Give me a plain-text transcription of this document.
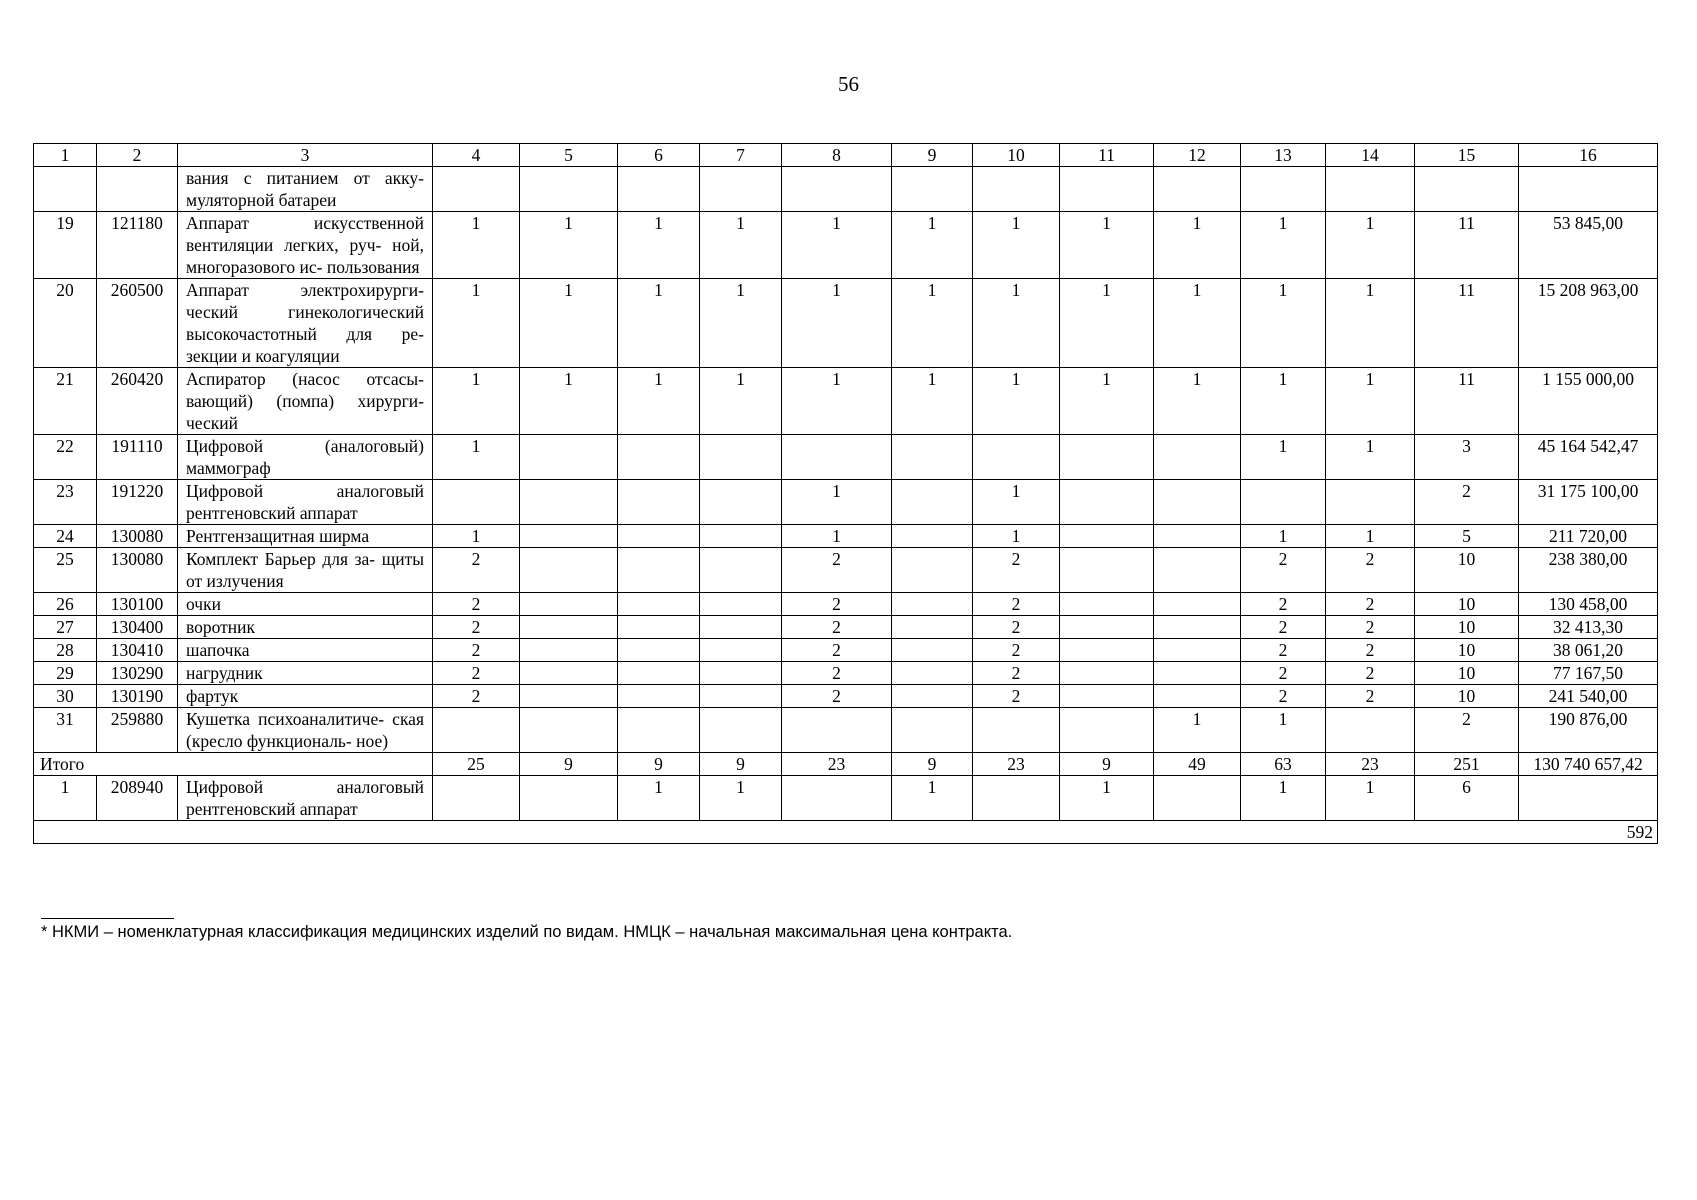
56
1	2	3	4	5	6	7	8	9	10	11	12	13	14	15	16
		вания с питанием от акку- муляторной батареи													
19	121180	Аппарат искусственной вентиляции легких, руч- ной, многоразового ис- пользования	1	1	1	1	1	1	1	1	1	1	1	11	53 845,00
20	260500	Аппарат электрохирурги- ческий гинекологический высокочастотный для ре- зекции и коагуляции	1	1	1	1	1	1	1	1	1	1	1	11	15 208 963,00
21	260420	Аспиратор (насос отсасы- вающий) (помпа) хирурги- ческий	1	1	1	1	1	1	1	1	1	1	1	11	1 155 000,00
22	191110	Цифровой (аналоговый) маммограф	1									1	1	3	45 164 542,47
23	191220	Цифровой аналоговый рентгеновский аппарат					1		1					2	31 175 100,00
24	130080	Рентгензащитная ширма	1				1		1			1	1	5	211 720,00
25	130080	Комплект Барьер для за- щиты от излучения	2				2		2			2	2	10	238 380,00
26	130100	очки	2				2		2			2	2	10	130 458,00
27	130400	воротник	2				2		2			2	2	10	32 413,30
28	130410	шапочка	2				2		2			2	2	10	38 061,20
29	130290	нагрудник	2				2		2			2	2	10	77 167,50
30	130190	фартук	2				2		2			2	2	10	241 540,00
31	259880	Кушетка психоаналитиче- ская (кресло функциональ- ное)									1	1		2	190 876,00
Итого			25	9	9	9	23	9	23	9	49	63	23	251	130 740 657,42
1	208940	Цифровой аналоговый рентгеновский аппарат			1	1		1		1		1	1	6	
592															
* НКМИ – номенклатурная классификация медицинских изделий по видам. НМЦК – начальная максимальная цена контракта.
